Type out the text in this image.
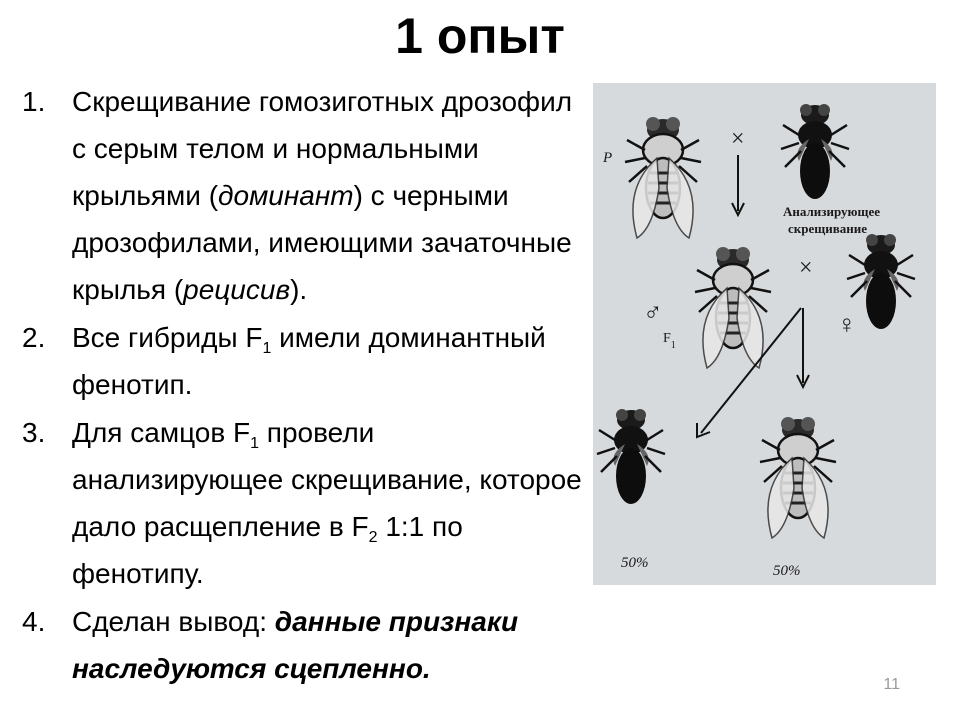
1 опыт
1. Скрещивание гомозиготных дрозофил с серым телом и нормальными крыльями (доминант) с черными дрозофилами, имеющими зачаточные крылья (рецисив).
2. Все гибриды $F_1$ имели доминантный фенотип.
3. Для самцов $F_1$ провели анализирующее скрещивание, которое дало расщепление в $F_2$ 1:1 по фенотипу.
4. Сделан вывод: данные признаки наследуются сцепленно.
P
×
Анализирующее
скрещивание
×
♂
$F_1$
♀
50%	50%
11
